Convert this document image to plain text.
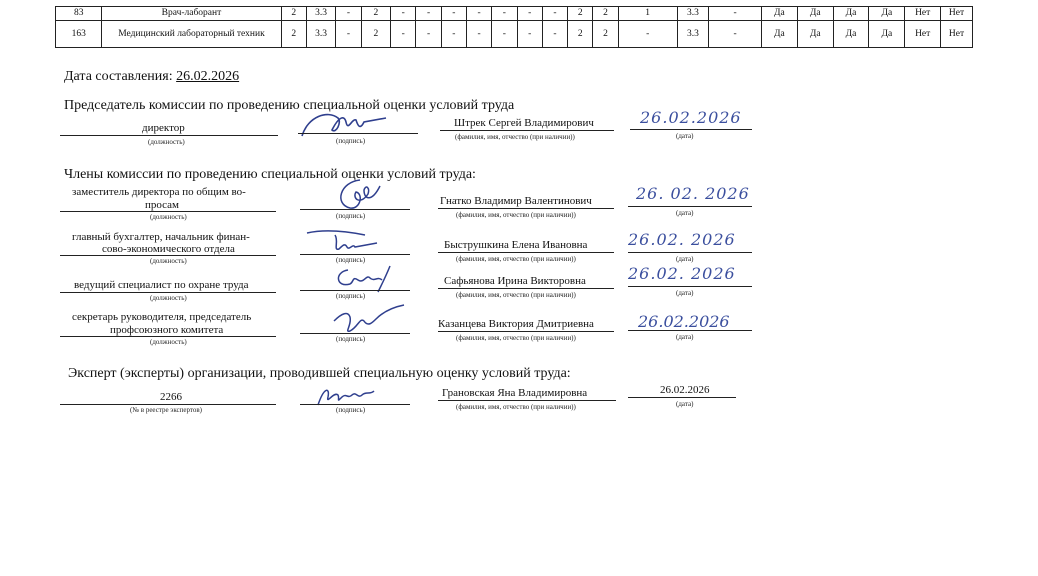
83	Врач-лаборант	2	3.3	-	2	-	-	-	-	-	-	-	2	2	1	3.3	-	Да	Да	Да	Да	Нет	Нет
163	Медицинский лабораторный техник	2	3.3	-	2	-	-	-	-	-	-	-	2	2	-	3.3	-	Да	Да	Да	Да	Нет	Нет
Дата составления: 26.02.2026
Председатель комиссии по проведению специальной оценки условий труда
директор
(должность)	(подпись)
Штрек Сергей Владимирович
(фамилия, имя, отчество (при наличии))
26.02.2026
(дата)
Члены комиссии по проведению специальной оценки условий труда:
заместитель директора по общим во-
просам
(должность)	(подпись)
Гнатко Владимир Валентинович
(фамилия, имя, отчество (при наличии))
26. 02. 2026
(дата)
главный бухгалтер, начальник финан-
сово-экономического отдела
(должность)	(подпись)
Быструшкина Елена Ивановна
(фамилия, имя, отчество (при наличии))
26.02. 2026
(дата)
ведущий специалист по охране труда
(должность)	(подпись)
Сафьянова Ирина Викторовна
(фамилия, имя, отчество (при наличии))
26.02. 2026
(дата)
секретарь руководителя, председатель
профсоюзного комитета
(должность)	(подпись)
Казанцева Виктория Дмитриевна
(фамилия, имя, отчество (при наличии))
26.02.2026
(дата)
Эксперт (эксперты) организации, проводившей специальную оценку условий труда:
2266
(№ в реестре экспертов)	(подпись)
Грановская Яна Владимировна
(фамилия, имя, отчество (при наличии))
26.02.2026
(дата)
